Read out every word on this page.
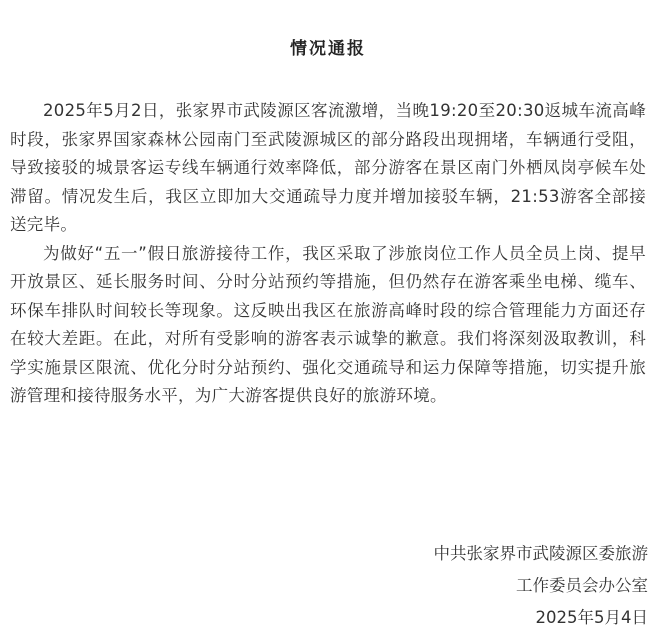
情况通报

2025年5月2日，张家界市武陵源区客流激增，当晚19:20至20:30返城车流高峰时段，张家界国家森林公园南门至武陵源城区的部分路段出现拥堵，车辆通行受阻，导致接驳的城景客运专线车辆通行效率降低，部分游客在景区南门外栖凤岗亭候车处滞留。情况发生后，我区立即加大交通疏导力度并增加接驳车辆，21:53游客全部接送完毕。

为做好“五一”假日旅游接待工作，我区采取了涉旅岗位工作人员全员上岗、提早开放景区、延长服务时间、分时分站预约等措施，但仍然存在游客乘坐电梯、缆车、环保车排队时间较长等现象。这反映出我区在旅游高峰时段的综合管理能力方面还存在较大差距。在此，对所有受影响的游客表示诚挚的歉意。我们将深刻汲取教训，科学实施景区限流、优化分时分站预约、强化交通疏导和运力保障等措施，切实提升旅游管理和接待服务水平，为广大游客提供良好的旅游环境。

中共张家界市武陵源区委旅游
工作委员会办公室
2025年5月4日
